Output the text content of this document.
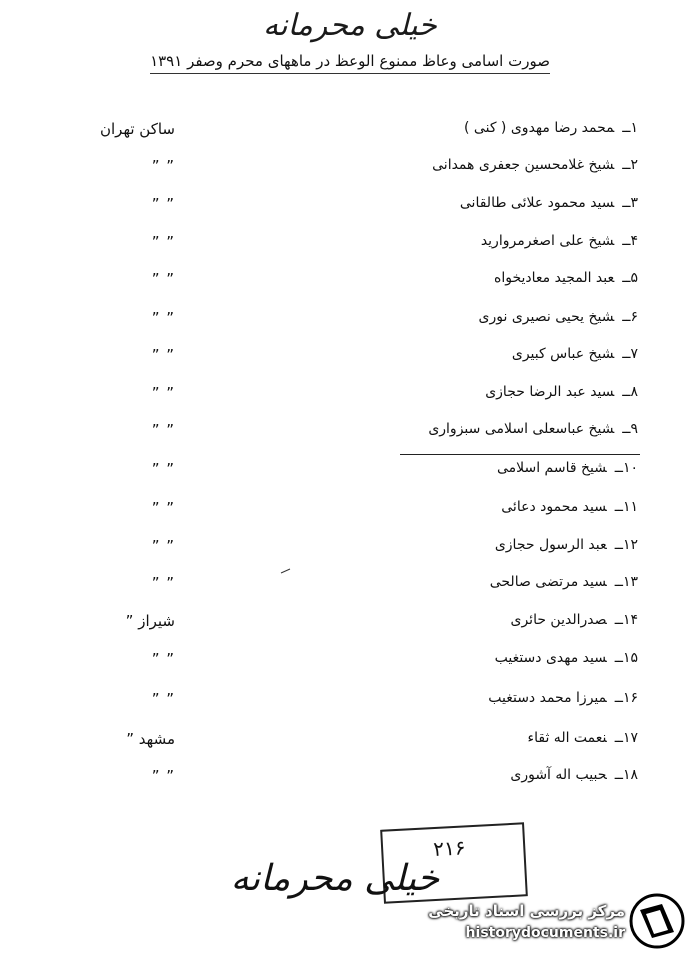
خیلی محرمانه
صورت اسامی وعاظ ممنوع الوعظ در ماههای محرم وصفر ۱۳۹۱
۱ــمحمد رضا مهدوی ( کنی )
ساکن تهران
۲ــشیخ غلامحسین جعفری همدانی
” ”
۳ــسید محمود علائی طالقانی
” ”
۴ــشیخ علی اصغرمروارید
” ”
۵ــعبد المجید معادیخواه
” ”
۶ــشیخ یحیی نصیری نوری
” ”
۷ــشیخ عباس کبیری
” ”
۸ــسید عبد الرضا حجازی
” ”
۹ــشیخ عباسعلی اسلامی سبزواری
” ”
۱۰ــشیخ قاسم اسلامی
” ”
۱۱ــسید محمود دعائی
” ”
۱۲ــعبد الرسول حجازی
” ”
۱۳ــسید مرتضی صالحی
” ”
۱۴ــصدرالدین حائری
شیراز ”
۱۵ــسید مهدی دستغیب
” ”
۱۶ــمیرزا محمد دستغیب
” ”
۱۷ــنعمت اله ثقاء
مشهد ”
۱۸ــحبیب اله آشوری
” ”
۲۱۶
خیلی محرمانه
مرکز بررسی اسناد تاریخی
historydocuments.ir
